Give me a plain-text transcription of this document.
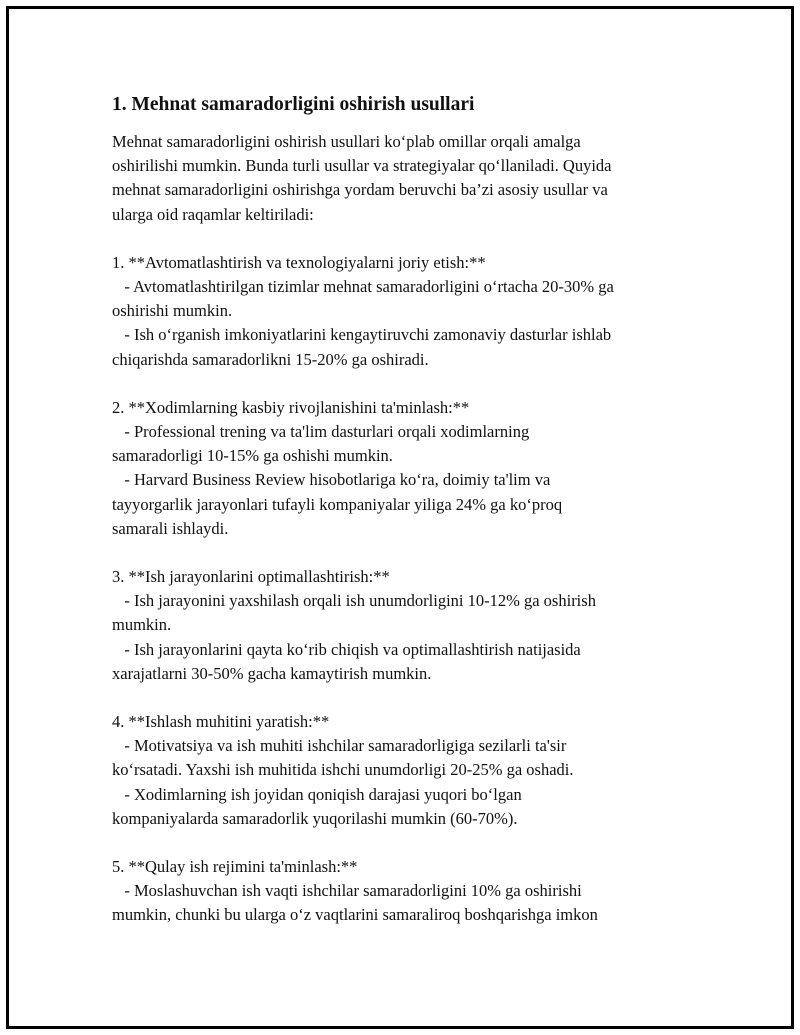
1. Mehnat samaradorligini oshirish usullari

Mehnat samaradorligini oshirish usullari koʻplab omillar orqali amalga
oshirilishi mumkin. Bunda turli usullar va strategiyalar qoʻllaniladi. Quyida
mehnat samaradorligini oshirishga yordam beruvchi ba’zi asosiy usullar va
ularga oid raqamlar keltiriladi:

1. **Avtomatlashtirish va texnologiyalarni joriy etish:**

- Avtomatlashtirilgan tizimlar mehnat samaradorligini oʻrtacha 20-30% ga
oshirishi mumkin.
- Ish oʻrganish imkoniyatlarini kengaytiruvchi zamonaviy dasturlar ishlab
chiqarishda samaradorlikni 15-20% ga oshiradi.

2. **Xodimlarning kasbiy rivojlanishini ta'minlash:**

- Professional trening va ta'lim dasturlari orqali xodimlarning
samaradorligi 10-15% ga oshishi mumkin.
- Harvard Business Review hisobotlariga koʻra, doimiy ta'lim va
tayyorgarlik jarayonlari tufayli kompaniyalar yiliga 24% ga koʻproq
samarali ishlaydi.

3. **Ish jarayonlarini optimallashtirish:**

- Ish jarayonini yaxshilash orqali ish unumdorligini 10-12% ga oshirish
mumkin.
- Ish jarayonlarini qayta koʻrib chiqish va optimallashtirish natijasida
xarajatlarni 30-50% gacha kamaytirish mumkin.

4. **Ishlash muhitini yaratish:**

- Motivatsiya va ish muhiti ishchilar samaradorligiga sezilarli ta'sir
koʻrsatadi. Yaxshi ish muhitida ishchi unumdorligi 20-25% ga oshadi.
- Xodimlarning ish joyidan qoniqish darajasi yuqori boʻlgan
kompaniyalarda samaradorlik yuqorilashi mumkin (60-70%).

5. **Qulay ish rejimini ta'minlash:**

- Moslashuvchan ish vaqti ishchilar samaradorligini 10% ga oshirishi
mumkin, chunki bu ularga oʻz vaqtlarini samaraliroq boshqarishga imkon
